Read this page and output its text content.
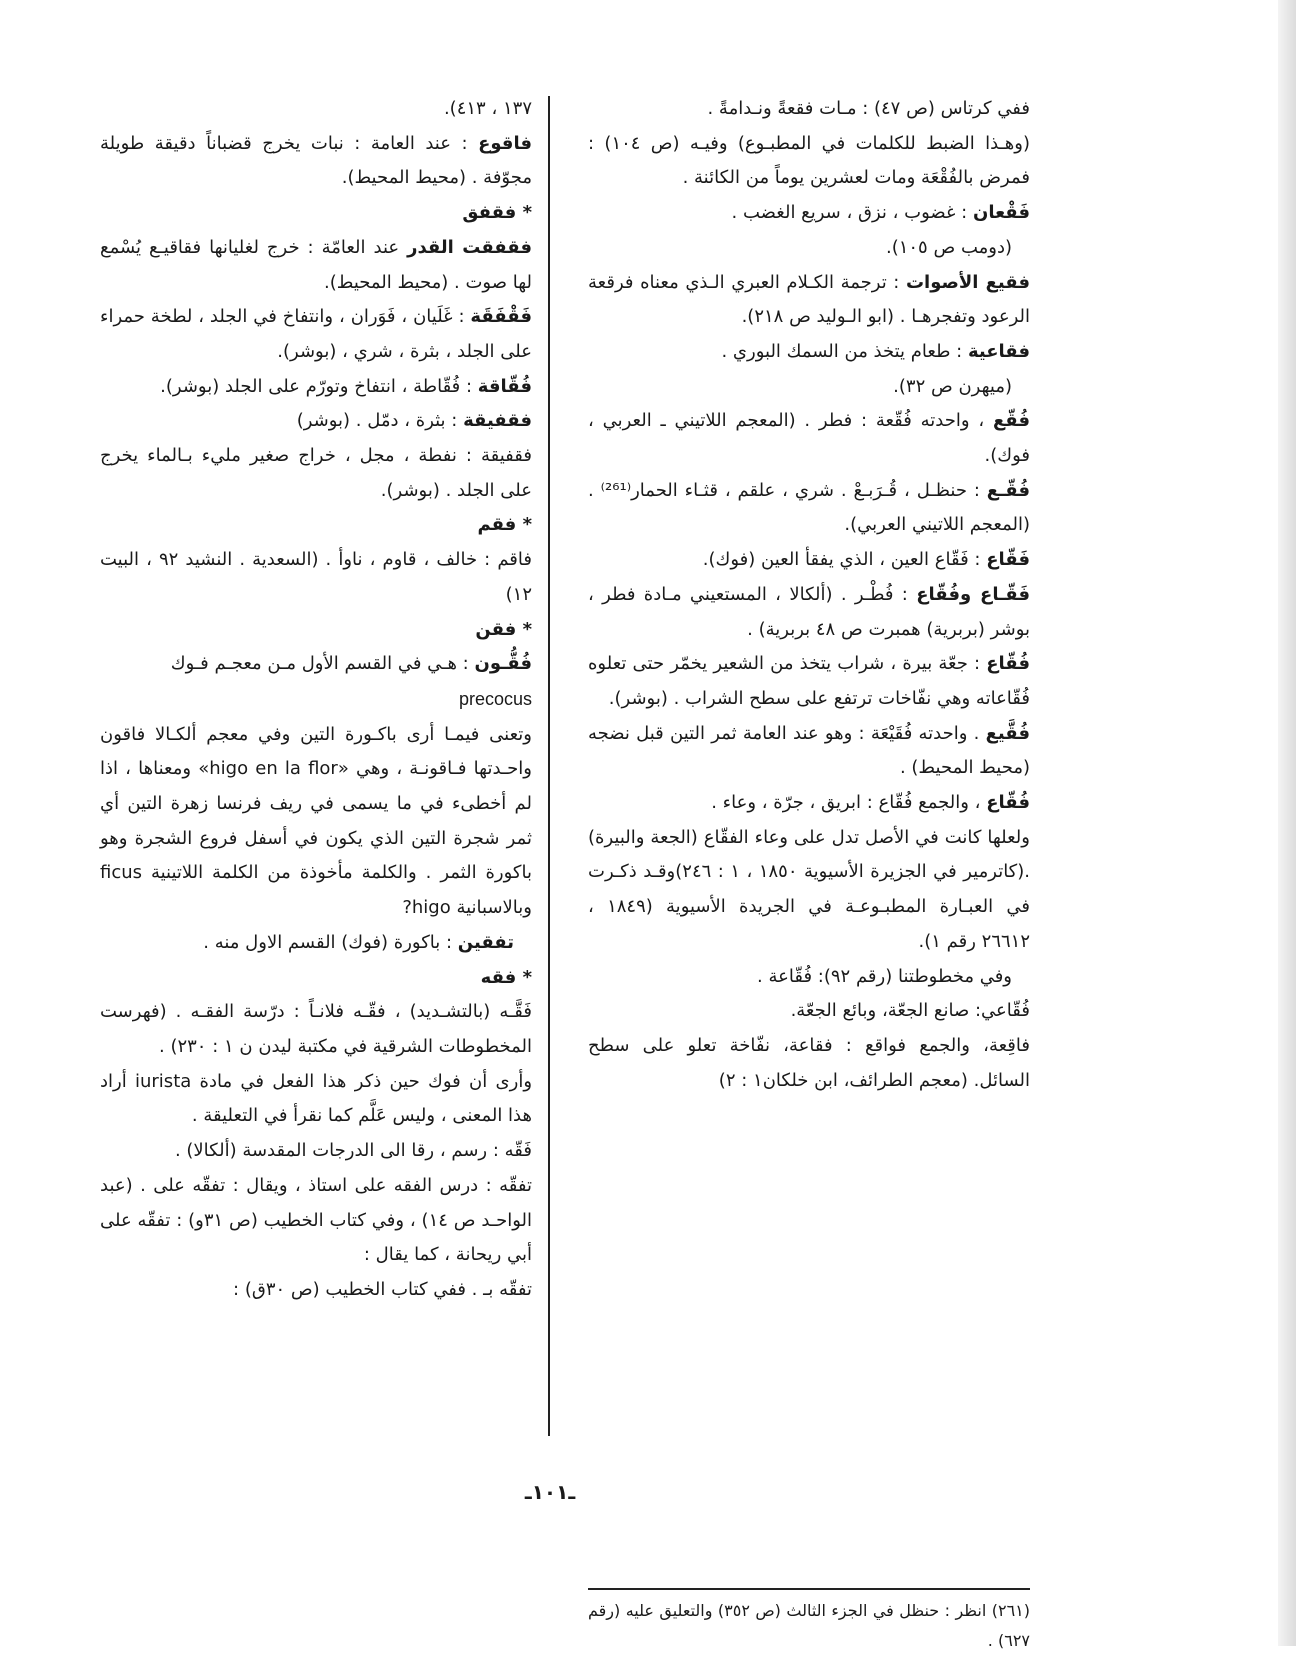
ففي كرتاس (ص ٤٧) : مـات فقعةً ونـدامةً .

(وهـذا الضبط للكلمات في المطبـوع) وفيـه (ص ١٠٤) : فمرض بالفُقْعَة ومات لعشرين يوماً من الكائنة .

فَقْعان : غضوب ، نزق ، سريع الغضب .

(دومب ص ١٠٥).

فقيع الأصوات : ترجمة الكـلام العبري الـذي معناه فرقعة الرعود وتفجرهـا . (ابو الـوليد ص ٢١٨).

فقاعية : طعام يتخذ من السمك البوري .

(ميهرن ص ٣٢).

فُقّع ، واحدته فُقّعة : فطر . (المعجم اللاتيني ـ العربي ، فوك).

فُقّـع : حنظـل ، قُـرَبـعْ . شري ، علقم ، قثـاء الحمار⁽²⁶¹⁾ . (المعجم اللاتيني العربي).

فَقّاع : فَقّاع العين ، الذي يفقأ العين (فوك).

فَقّـاع وفُقّاع : فُطْـر . (ألكالا ، المستعيني مـادة فطر ، بوشر (بربرية) همبرت ص ٤٨ بربرية) .

فُقّاع : جعّة بيرة ، شراب يتخذ من الشعير يخمّر حتى تعلوه فُقّاعاته وهي نفّاخات ترتفع على سطح الشراب . (بوشر).

فُقَّيع . واحدته فُقَيْعَة : وهو عند العامة ثمر التين قبل نضجه (محيط المحيط) .

فُقّاع ، والجمع فُقّاع : ابريق ، جرّة ، وعاء .

ولعلها كانت في الأصل تدل على وعاء الفقّاع (الجعة والبيرة) .(كاترمير في الجزيرة الأسيوية ١٨٥٠ ، ١ : ٢٤٦)وقـد ذكـرت في العبـارة المطبـوعـة في الجريدة الأسيوية (١٨٤٩ ، ٢٦٦١٢ رقم ١).

وفي مخطوطتنا (رقم ٩٢): فُقّاعة .

فُقّاعي: صانع الجعّة، وبائع الجعّة.

فاقِعة، والجمع فواقع : فقاعة، نفّاخة تعلو على سطح السائل. (معجم الطرائف، ابن خلكان١ : ٢)

١٣٧ ، ٤١٣).

فاقوع : عند العامة : نبات يخرج قضباناً دقيقة طويلة مجوّفة . (محيط المحيط).

* فقفق

فقفقت القدر عند العامّة : خرج لغليانها فقاقيـع يُسْمع لها صوت . (محيط المحيط).

فَقْفَقَة : غَلَيان ، فَوَران ، وانتفاخ في الجلد ، لطخة حمراء على الجلد ، بثرة ، شري ، (بوشر).

فُقّاقة : فُقّاطة ، انتفاخ وتورّم على الجلد (بوشر).

فقفيقة : بثرة ، دمّل . (بوشر)

فقفيقة : نفطة ، مجل ، خراج صغير مليء بـالماء يخرج على الجلد . (بوشر).

* فقم

فاقم : خالف ، قاوم ، ناوأ . (السعدية . النشيد ٩٢ ، البيت ١٢)

* فقن

فُقُّـون : هـي في القسم الأول مـن معجـم فـوك
precocus

وتعنى فيمـا أرى باكـورة التين وفي معجم ألكـالا فاقون واحـدتها فـاقونـة ، وهي «higo en la flor» ومعناها ، اذا لم أخطىء في ما يسمى في ريف فرنسا زهرة التين أي ثمر شجرة التين الذي يكون في أسفل فروع الشجرة وهو باكورة الثمر . والكلمة مأخوذة من الكلمة اللاتينية ficus وبالاسبانية higo?

تفقين : باكورة (فوك) القسم الاول منه .

* فقه

فَقَّـه (بالتشـديد) ، فقّـه فلانـاً : درّسة الفقـه . (فهرست المخطوطات الشرقية في مكتبة ليدن ن ١ : ٢٣٠) .

وأرى أن فوك حين ذكر هذا الفعل في مادة iurista أراد هذا المعنى ، وليس عَلَّم كما نقرأ في التعليقة .

فَقّه : رسم ، رقا الى الدرجات المقدسة (ألكالا) .

تفقّه : درس الفقه على استاذ ، ويقال : تفقّه على . (عبد الواحـد ص ١٤) ، وفي كتاب الخطيب (ص ٣١و) : تفقّه على أبي ريحانة ، كما يقال :

تفقّه بـ . ففي كتاب الخطيب (ص ٣٠ق) :

(٢٦١) انظر : حنظل في الجزء الثالث (ص ٣٥٢) والتعليق عليه (رقم ٦٢٧) .

ـ١٠١ـ
